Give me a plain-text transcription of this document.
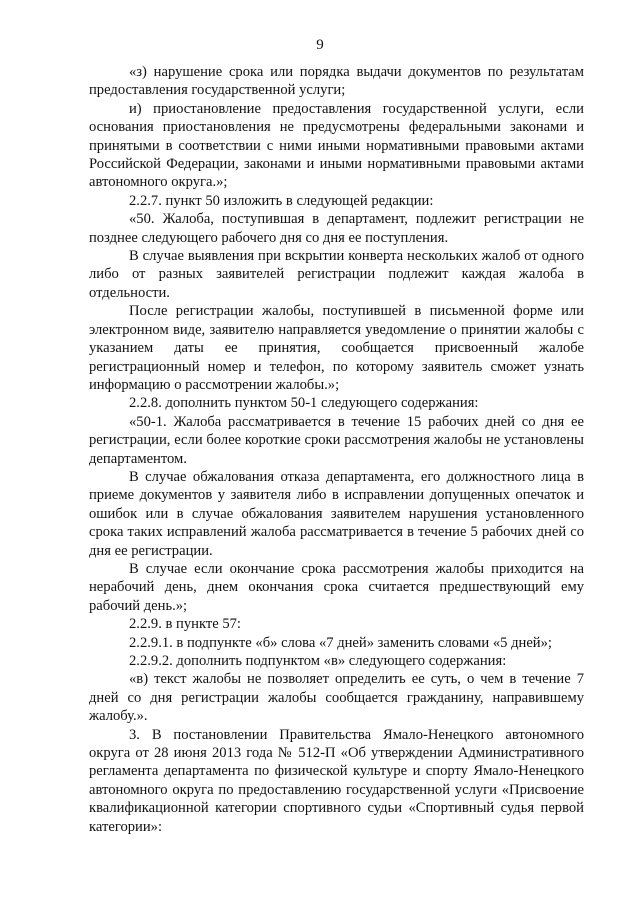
9

«з) нарушение срока или порядка выдачи документов по результатам предоставления государственной услуги;

и) приостановление предоставления государственной услуги, если основания приостановления не предусмотрены федеральными законами и принятыми в соответствии с ними иными нормативными правовыми актами Российской Федерации, законами и иными нормативными правовыми актами автономного округа.»;

2.2.7. пункт 50 изложить в следующей редакции:

«50. Жалоба, поступившая в департамент, подлежит регистрации не позднее следующего рабочего дня со дня ее поступления.

В случае выявления при вскрытии конверта нескольких жалоб от одного либо от разных заявителей регистрации подлежит каждая жалоба в отдельности.

После регистрации жалобы, поступившей в письменной форме или электронном виде, заявителю направляется уведомление о принятии жалобы с указанием даты ее принятия, сообщается присвоенный жалобе регистрационный номер и телефон, по которому заявитель сможет узнать информацию о рассмотрении жалобы.»;

2.2.8. дополнить пунктом 50-1 следующего содержания:

«50-1. Жалоба рассматривается в течение 15 рабочих дней со дня ее регистрации, если более короткие сроки рассмотрения жалобы не установлены департаментом.

В случае обжалования отказа департамента, его должностного лица в приеме документов у заявителя либо в исправлении допущенных опечаток и ошибок или в случае обжалования заявителем нарушения установленного срока таких исправлений жалоба рассматривается в течение 5 рабочих дней со дня ее регистрации.

В случае если окончание срока рассмотрения жалобы приходится на нерабочий день, днем окончания срока считается предшествующий ему рабочий день.»;

2.2.9. в пункте 57:

2.2.9.1. в подпункте «б» слова «7 дней» заменить словами «5 дней»;

2.2.9.2. дополнить подпунктом «в» следующего содержания:

«в) текст жалобы не позволяет определить ее суть, о чем в течение 7 дней со дня регистрации жалобы сообщается гражданину, направившему жалобу.».

3. В постановлении Правительства Ямало-Ненецкого автономного округа от 28 июня 2013 года № 512-П «Об утверждении Административного регламента департамента по физической культуре и спорту Ямало-Ненецкого автономного округа по предоставлению государственной услуги «Присвоение квалификационной категории спортивного судьи «Спортивный судья первой категории»:
